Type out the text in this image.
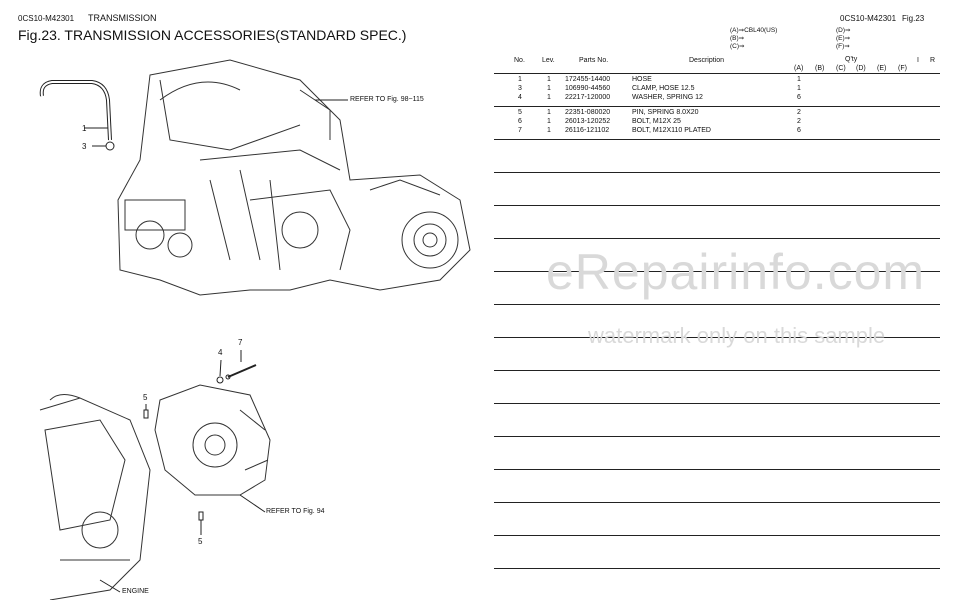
0CS10-M42301 TRANSMISSION
Fig.23. TRANSMISSION ACCESSORIES(STANDARD SPEC.)
0CS10-M42301 Fig.23
(A)⇒CBL40(US)
(B)⇒
(C)⇒
(D)⇒
(E)⇒
(F)⇒
No. Lev.	Parts No.	Description	Q'ty	I R
(A) (B) (C) (D) (E) (F)
1	1 172455-14400	HOSE	1
3	1 106990-44560	CLAMP, HOSE 12.5	1
4	1 22217-120000	WASHER, SPRING 12	6
5	1 22351-080020	PIN, SPRING 8.0X20	2
6	1 26013-120252	BOLT, M12X 25	2
7	1 26116-121102	BOLT, M12X110 PLATED	6
eRepairinfo.com
watermark only on this sample
1
3
4
7
5
5
REFER TO Fig. 98~115
REFER TO Fig. 94
ENGINE
